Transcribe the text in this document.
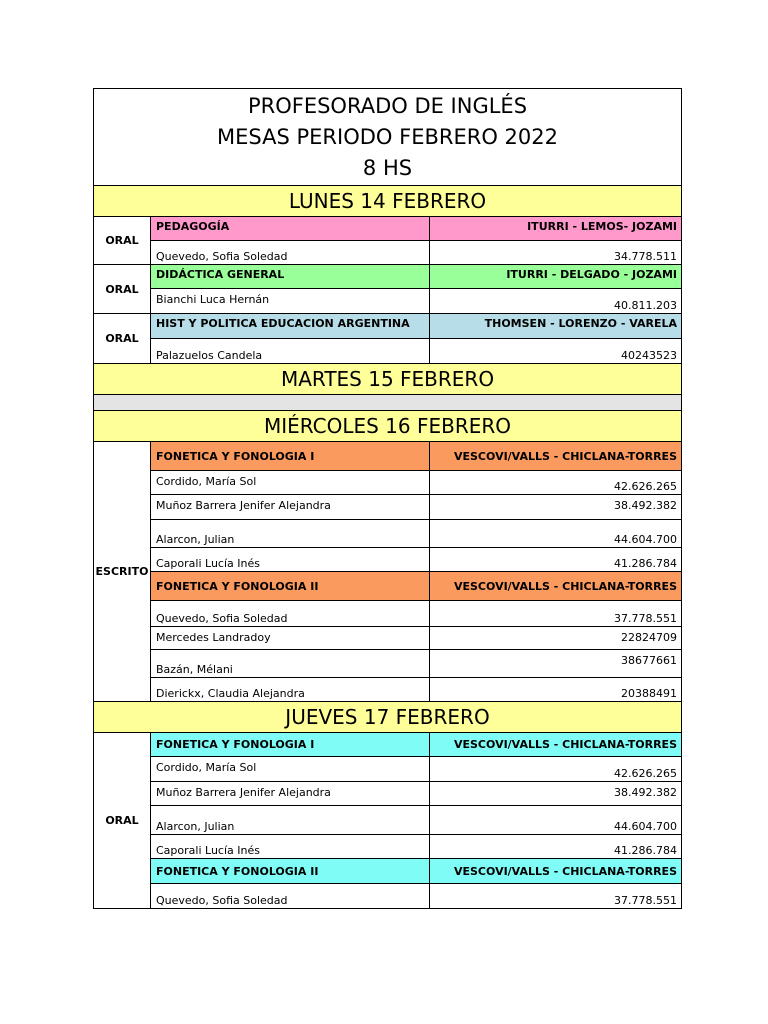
PROFESORADO DE INGLÉS
MESAS PERIODO FEBRERO 2022
8 HS		

LUNES 14 FEBRERO		
ORAL	PEDAGOGÍA	ITURRI - LEMOS- JOZAMI
	Quevedo, Sofia Soledad	34.778.511
ORAL	DIDÁCTICA GENERAL	ITURRI - DELGADO - JOZAMI
	Bianchi Luca Hernán	40.811.203
ORAL	HIST Y POLITICA EDUCACION ARGENTINA	THOMSEN - LORENZO - VARELA
	Palazuelos Candela	40243523
MARTES 15 FEBRERO		

MIÉRCOLES 16 FEBRERO		
ESCRITO	FONETICA Y FONOLOGIA I	VESCOVI/VALLS - CHICLANA-TORRES
	Cordido, María Sol	42.626.265
	Muñoz Barrera Jenifer Alejandra	38.492.382
	Alarcon, Julian	44.604.700
	Caporali Lucía Inés	41.286.784
	FONETICA Y FONOLOGIA II	VESCOVI/VALLS - CHICLANA-TORRES
	Quevedo, Sofia Soledad	37.778.551
	Mercedes Landradoy	22824709
	Bazán, Mélani	38677661
	Dierickx, Claudia Alejandra	20388491
JUEVES 17 FEBRERO		
ORAL	FONETICA Y FONOLOGIA I	VESCOVI/VALLS - CHICLANA-TORRES
	Cordido, María Sol	42.626.265
	Muñoz Barrera Jenifer Alejandra	38.492.382
	Alarcon, Julian	44.604.700
	Caporali Lucía Inés	41.286.784
	FONETICA Y FONOLOGIA II	VESCOVI/VALLS - CHICLANA-TORRES
	Quevedo, Sofia Soledad	37.778.551
